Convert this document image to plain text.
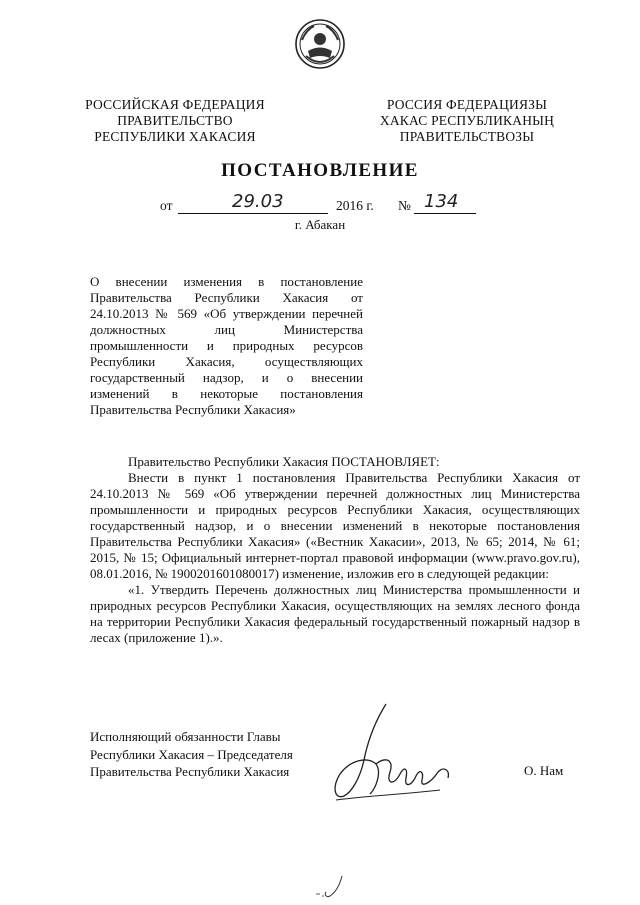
РОССИЙСКАЯ ФЕДЕРАЦИЯ
ПРАВИТЕЛЬСТВО
РЕСПУБЛИКИ ХАКАСИЯ
РОССИЯ ФЕДЕРАЦИЯЗЫ
ХАКАС РЕСПУБЛИКАНЫҢ
ПРАВИТЕЛЬСТВОЗЫ
ПОСТАНОВЛЕНИЕ
от	29.03	2016 г. № 134
г. Абакан
О внесении изменения в постановление Правительства Республики Хакасия от 24.10.2013 № 569 «Об утверждении перечней должностных лиц Министерства промышленности и природных ресурсов Республики Хакасия, осуществляющих государственный надзор, и о внесении изменений в некоторые постановления Правительства Республики Хакасия»

Правительство Республики Хакасия ПОСТАНОВЛЯЕТ:

Внести в пункт 1 постановления Правительства Республики Хакасия от 24.10.2013 № 569 «Об утверждении перечней должностных лиц Министерства промышленности и природных ресурсов Республики Хакасия, осуществляющих государственный надзор, и о внесении изменений в некоторые постановления Правительства Республики Хакасия» («Вестник Хакасии», 2013, № 65; 2014, № 61; 2015, № 15; Официальный интернет-портал правовой информации (www.pravo.gov.ru), 08.01.2016, № 1900201601080017) изменение, изложив его в следующей редакции:

«1. Утвердить Перечень должностных лиц Министерства промышленности и природных ресурсов Республики Хакасия, осуществляющих на землях лесного фонда на территории Республики Хакасия федеральный государственный пожарный надзор в лесах (приложение 1).».

Исполняющий обязанности Главы
Республики Хакасия – Председателя
Правительства Республики Хакасия	О. Нам
